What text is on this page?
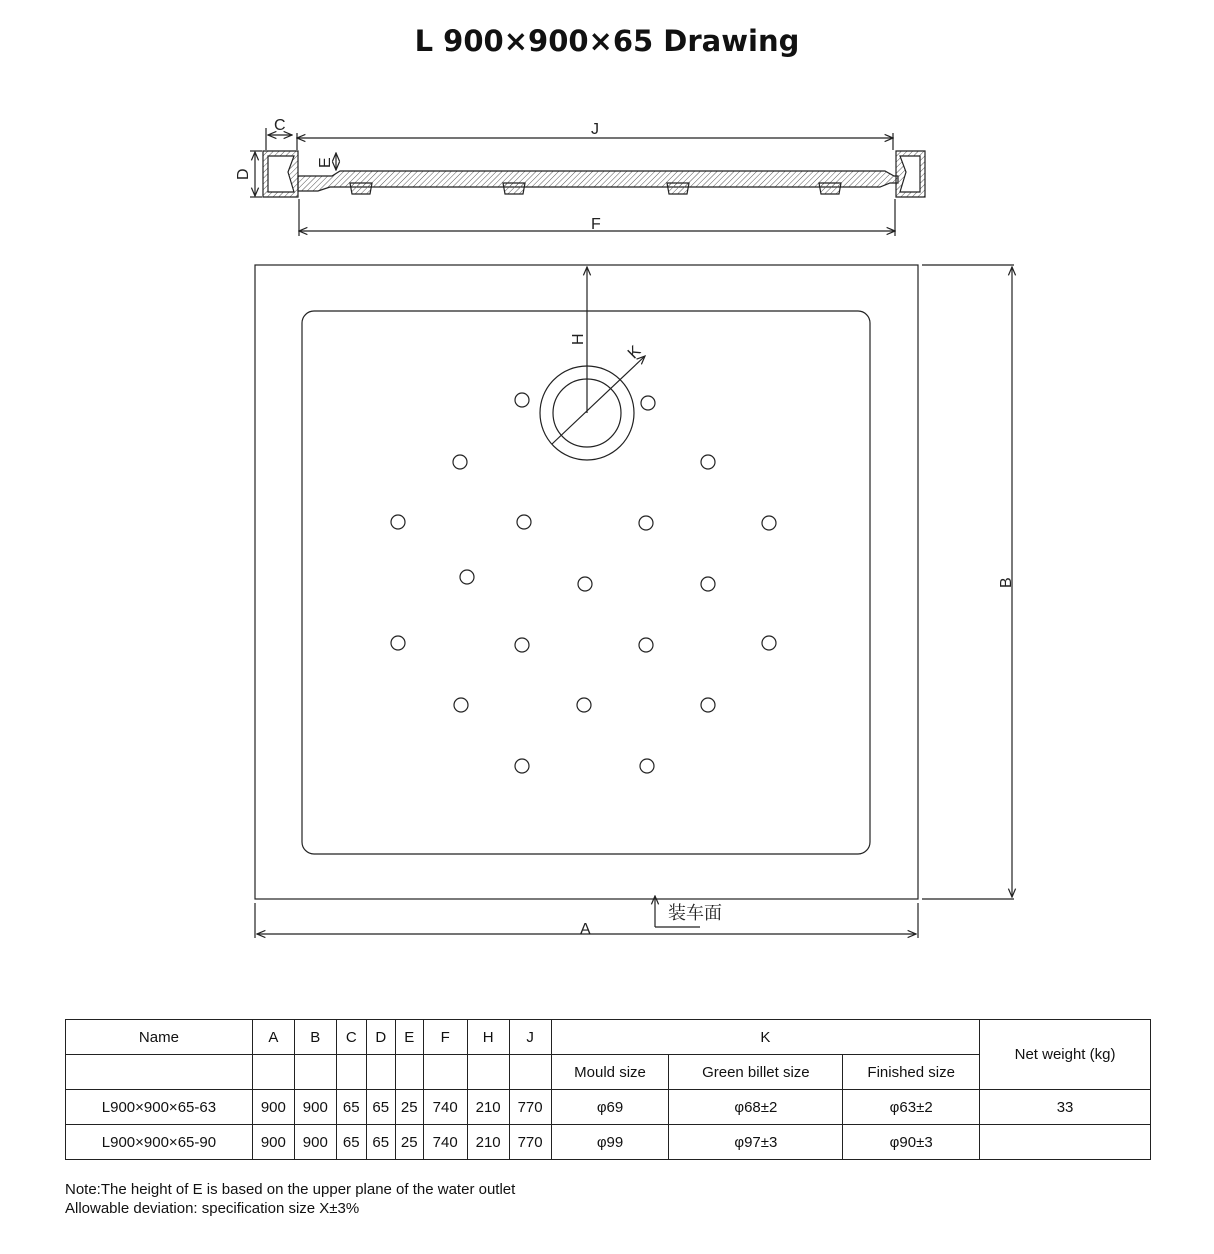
L 900×900×65 Drawing
J
C
D
E
F
H
K
B
A
装车面
Name	A	B	C	D	E	F	H	J	K			Net weight (kg)
									Mould size	Green billet size	Finished size	
L900×900×65-63	900	900	65	65	25	740	210	770	φ69	φ68±2	φ63±2	33
L900×900×65-90	900	900	65	65	25	740	210	770	φ99	φ97±3	φ90±3	
Note:The height of E is based on the upper plane of the water outlet
Allowable deviation: specification size X±3%
